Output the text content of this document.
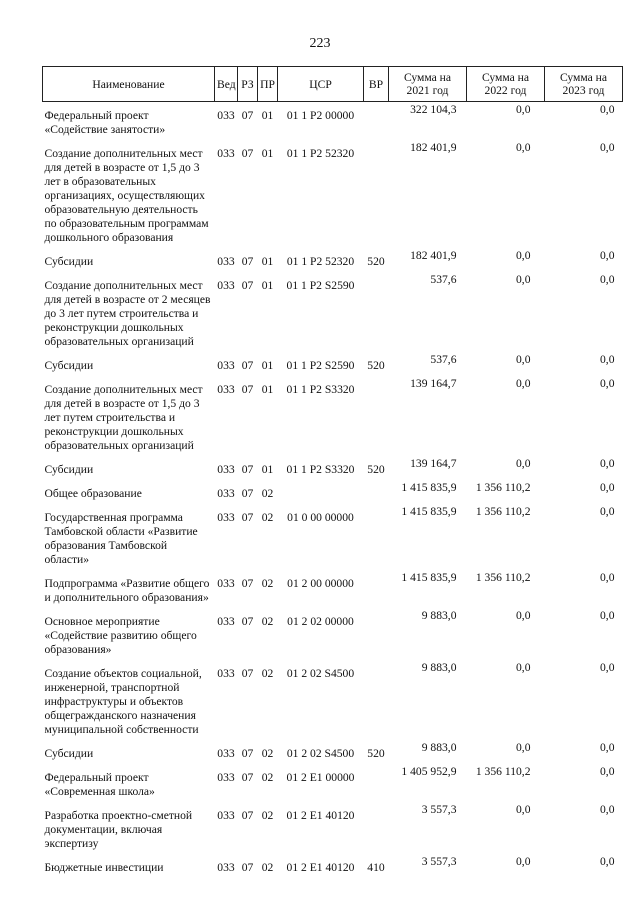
223
Наименование	Вед	РЗ	ПР	ЦСР	ВР	Сумма на 2021 год	Сумма на 2022 год	Сумма на 2023 год
Федеральный проект «Содействие занятости»	033	07	01	01 1 P2 00000		322 104,3	0,0	0,0
Создание дополнительных мест для детей в возрасте от 1,5 до 3 лет в образовательных организациях, осуществляющих образовательную деятельность по образовательным программам дошкольного образования	033	07	01	01 1 P2 52320		182 401,9	0,0	0,0
Субсидии	033	07	01	01 1 P2 52320	520	182 401,9	0,0	0,0
Создание дополнительных мест для детей в возрасте от 2 месяцев до 3 лет путем строительства и реконструкции дошкольных образовательных организаций	033	07	01	01 1 P2 S2590		537,6	0,0	0,0
Субсидии	033	07	01	01 1 P2 S2590	520	537,6	0,0	0,0
Создание дополнительных мест для детей в возрасте от 1,5 до 3 лет путем строительства и реконструкции дошкольных образовательных организаций	033	07	01	01 1 P2 S3320		139 164,7	0,0	0,0
Субсидии	033	07	01	01 1 P2 S3320	520	139 164,7	0,0	0,0
Общее образование	033	07	02			1 415 835,9	1 356 110,2	0,0
Государственная программа Тамбовской области «Развитие образования Тамбовской области»	033	07	02	01 0 00 00000		1 415 835,9	1 356 110,2	0,0
Подпрограмма «Развитие общего и дополнительного образования»	033	07	02	01 2 00 00000		1 415 835,9	1 356 110,2	0,0
Основное мероприятие «Содействие развитию общего образования»	033	07	02	01 2 02 00000		9 883,0	0,0	0,0
Создание объектов социальной, инженерной, транспортной инфраструктуры и объектов общегражданского назначения муниципальной собственности	033	07	02	01 2 02 S4500		9 883,0	0,0	0,0
Субсидии	033	07	02	01 2 02 S4500	520	9 883,0	0,0	0,0
Федеральный проект «Современная школа»	033	07	02	01 2 E1 00000		1 405 952,9	1 356 110,2	0,0
Разработка проектно-сметной документации, включая экспертизу	033	07	02	01 2 E1 40120		3 557,3	0,0	0,0
Бюджетные инвестиции	033	07	02	01 2 E1 40120	410	3 557,3	0,0	0,0
